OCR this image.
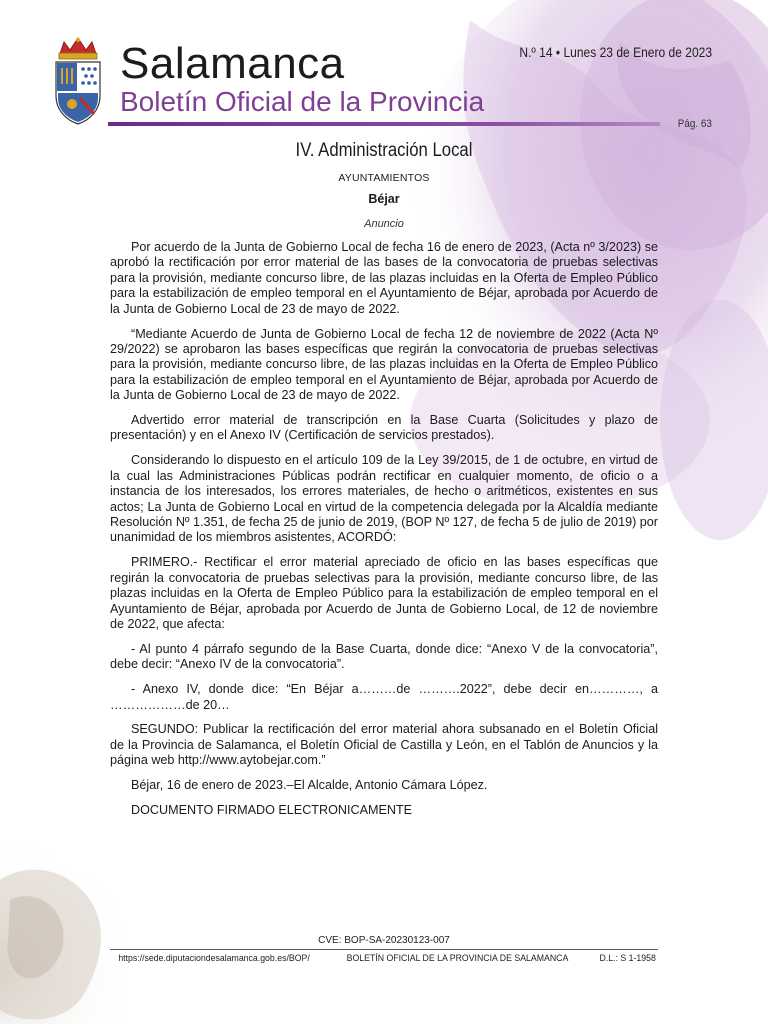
Salamanca
Boletín Oficial de la Provincia
N.º 14 • Lunes 23 de Enero de 2023
Pág. 63
IV. Administración Local
AYUNTAMIENTOS
Béjar
Anuncio

Por acuerdo de la Junta de Gobierno Local de fecha 16 de enero de 2023, (Acta nº 3/2023) se aprobó la rectificación por error material de las bases de la convocatoria de pruebas selectivas para la provisión, mediante concurso libre, de las plazas incluidas en la Oferta de Empleo Público para la estabilización de empleo temporal en el Ayuntamiento de Béjar, aprobada por Acuerdo de la Junta de Gobierno Local de 23 de mayo de 2022.

“Mediante Acuerdo de Junta de Gobierno Local de fecha 12 de noviembre de 2022 (Acta Nº 29/2022) se aprobaron las bases específicas que regirán la convocatoria de pruebas selectivas para la provisión, mediante concurso libre, de las plazas incluidas en la Oferta de Empleo Público para la estabilización de empleo temporal en el Ayuntamiento de Béjar, aprobada por Acuerdo de la Junta de Gobierno Local de 23 de mayo de 2022.

Advertido error material de transcripción en la Base Cuarta (Solicitudes y plazo de presentación) y en el Anexo IV (Certificación de servicios prestados).

Considerando lo dispuesto en el artículo 109 de la Ley 39/2015, de 1 de octubre, en virtud de la cual las Administraciones Públicas podrán rectificar en cualquier momento, de oficio o a instancia de los interesados, los errores materiales, de hecho o aritméticos, existentes en sus actos; La Junta de Gobierno Local en virtud de la competencia delegada por la Alcaldía mediante Resolución Nº 1.351, de fecha 25 de junio de 2019, (BOP Nº 127, de fecha 5 de julio de 2019) por unanimidad de los miembros asistentes, ACORDÓ:

PRIMERO.- Rectificar el error material apreciado de oficio en las bases específicas que regirán la convocatoria de pruebas selectivas para la provisión, mediante concurso libre, de las plazas incluidas en la Oferta de Empleo Público para la estabilización de empleo temporal en el Ayuntamiento de Béjar, aprobada por Acuerdo de Junta de Gobierno Local, de 12 de noviembre de 2022, que afecta:

- Al punto 4 párrafo segundo de la Base Cuarta, donde dice: “Anexo V de la convocatoria”, debe decir: “Anexo IV de la convocatoria”.

- Anexo IV, donde dice: “En Béjar a………de ……….2022”, debe decir en…………, a ………………de 20…

SEGUNDO: Publicar la rectificación del error material ahora subsanado en el Boletín Oficial de la Provincia de Salamanca, el Boletín Oficial de Castilla y León, en el Tablón de Anuncios y la página web http://www.aytobejar.com.”

Béjar, 16 de enero de 2023.–El Alcalde, Antonio Cámara López.

DOCUMENTO FIRMADO ELECTRONICAMENTE

CVE: BOP-SA-20230123-007
https://sede.diputaciondesalamanca.gob.es/BOP/	BOLETÍN OFICIAL DE LA PROVINCIA DE SALAMANCA	D.L.: S 1-1958
